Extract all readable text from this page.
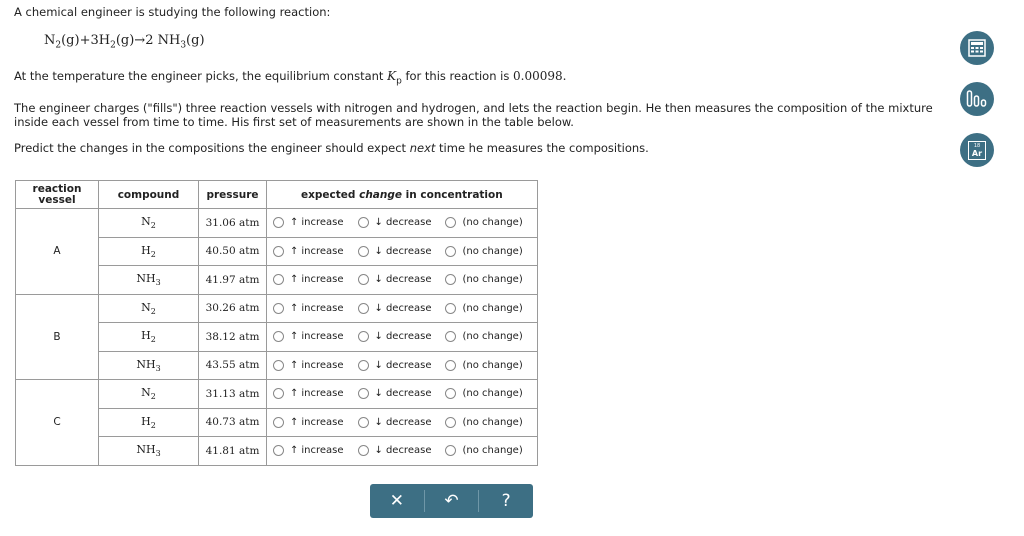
A chemical engineer is studying the following reaction:
$N_2(g)+3H_2(g)\to 2$ $NH_3(g)$
At the temperature the engineer picks, the equilibrium constant $K_p$ for this reaction is 0.00098.
The engineer charges ("fills") three reaction vessels with nitrogen and hydrogen, and lets the reaction begin. He then measures the composition of the mixture inside each vessel from time to time. His first set of measurements are shown in the table below.
Predict the changes in the compositions the engineer should expect next time he measures the compositions.
reaction
vessel	compound	pressure	expected change in concentration
A	$N_2$	31.06 atm	↑ increase ↓ decrease (no change)

	$H_2$	40.50 atm	↑ increase ↓ decrease (no change)

	$NH_3$	41.97 atm	↑ increase ↓ decrease (no change)

B	$N_2$	30.26 atm	↑ increase ↓ decrease (no change)

	$H_2$	38.12 atm	↑ increase ↓ decrease (no change)

	$NH_3$	43.55 atm	↑ increase ↓ decrease (no change)

C	$N_2$	31.13 atm	↑ increase ↓ decrease (no change)

	$H_2$	40.73 atm	↑ increase ↓ decrease (no change)

	$NH_3$	41.81 atm	↑ increase ↓ decrease (no change)
✕	↶	?
18
Ar
